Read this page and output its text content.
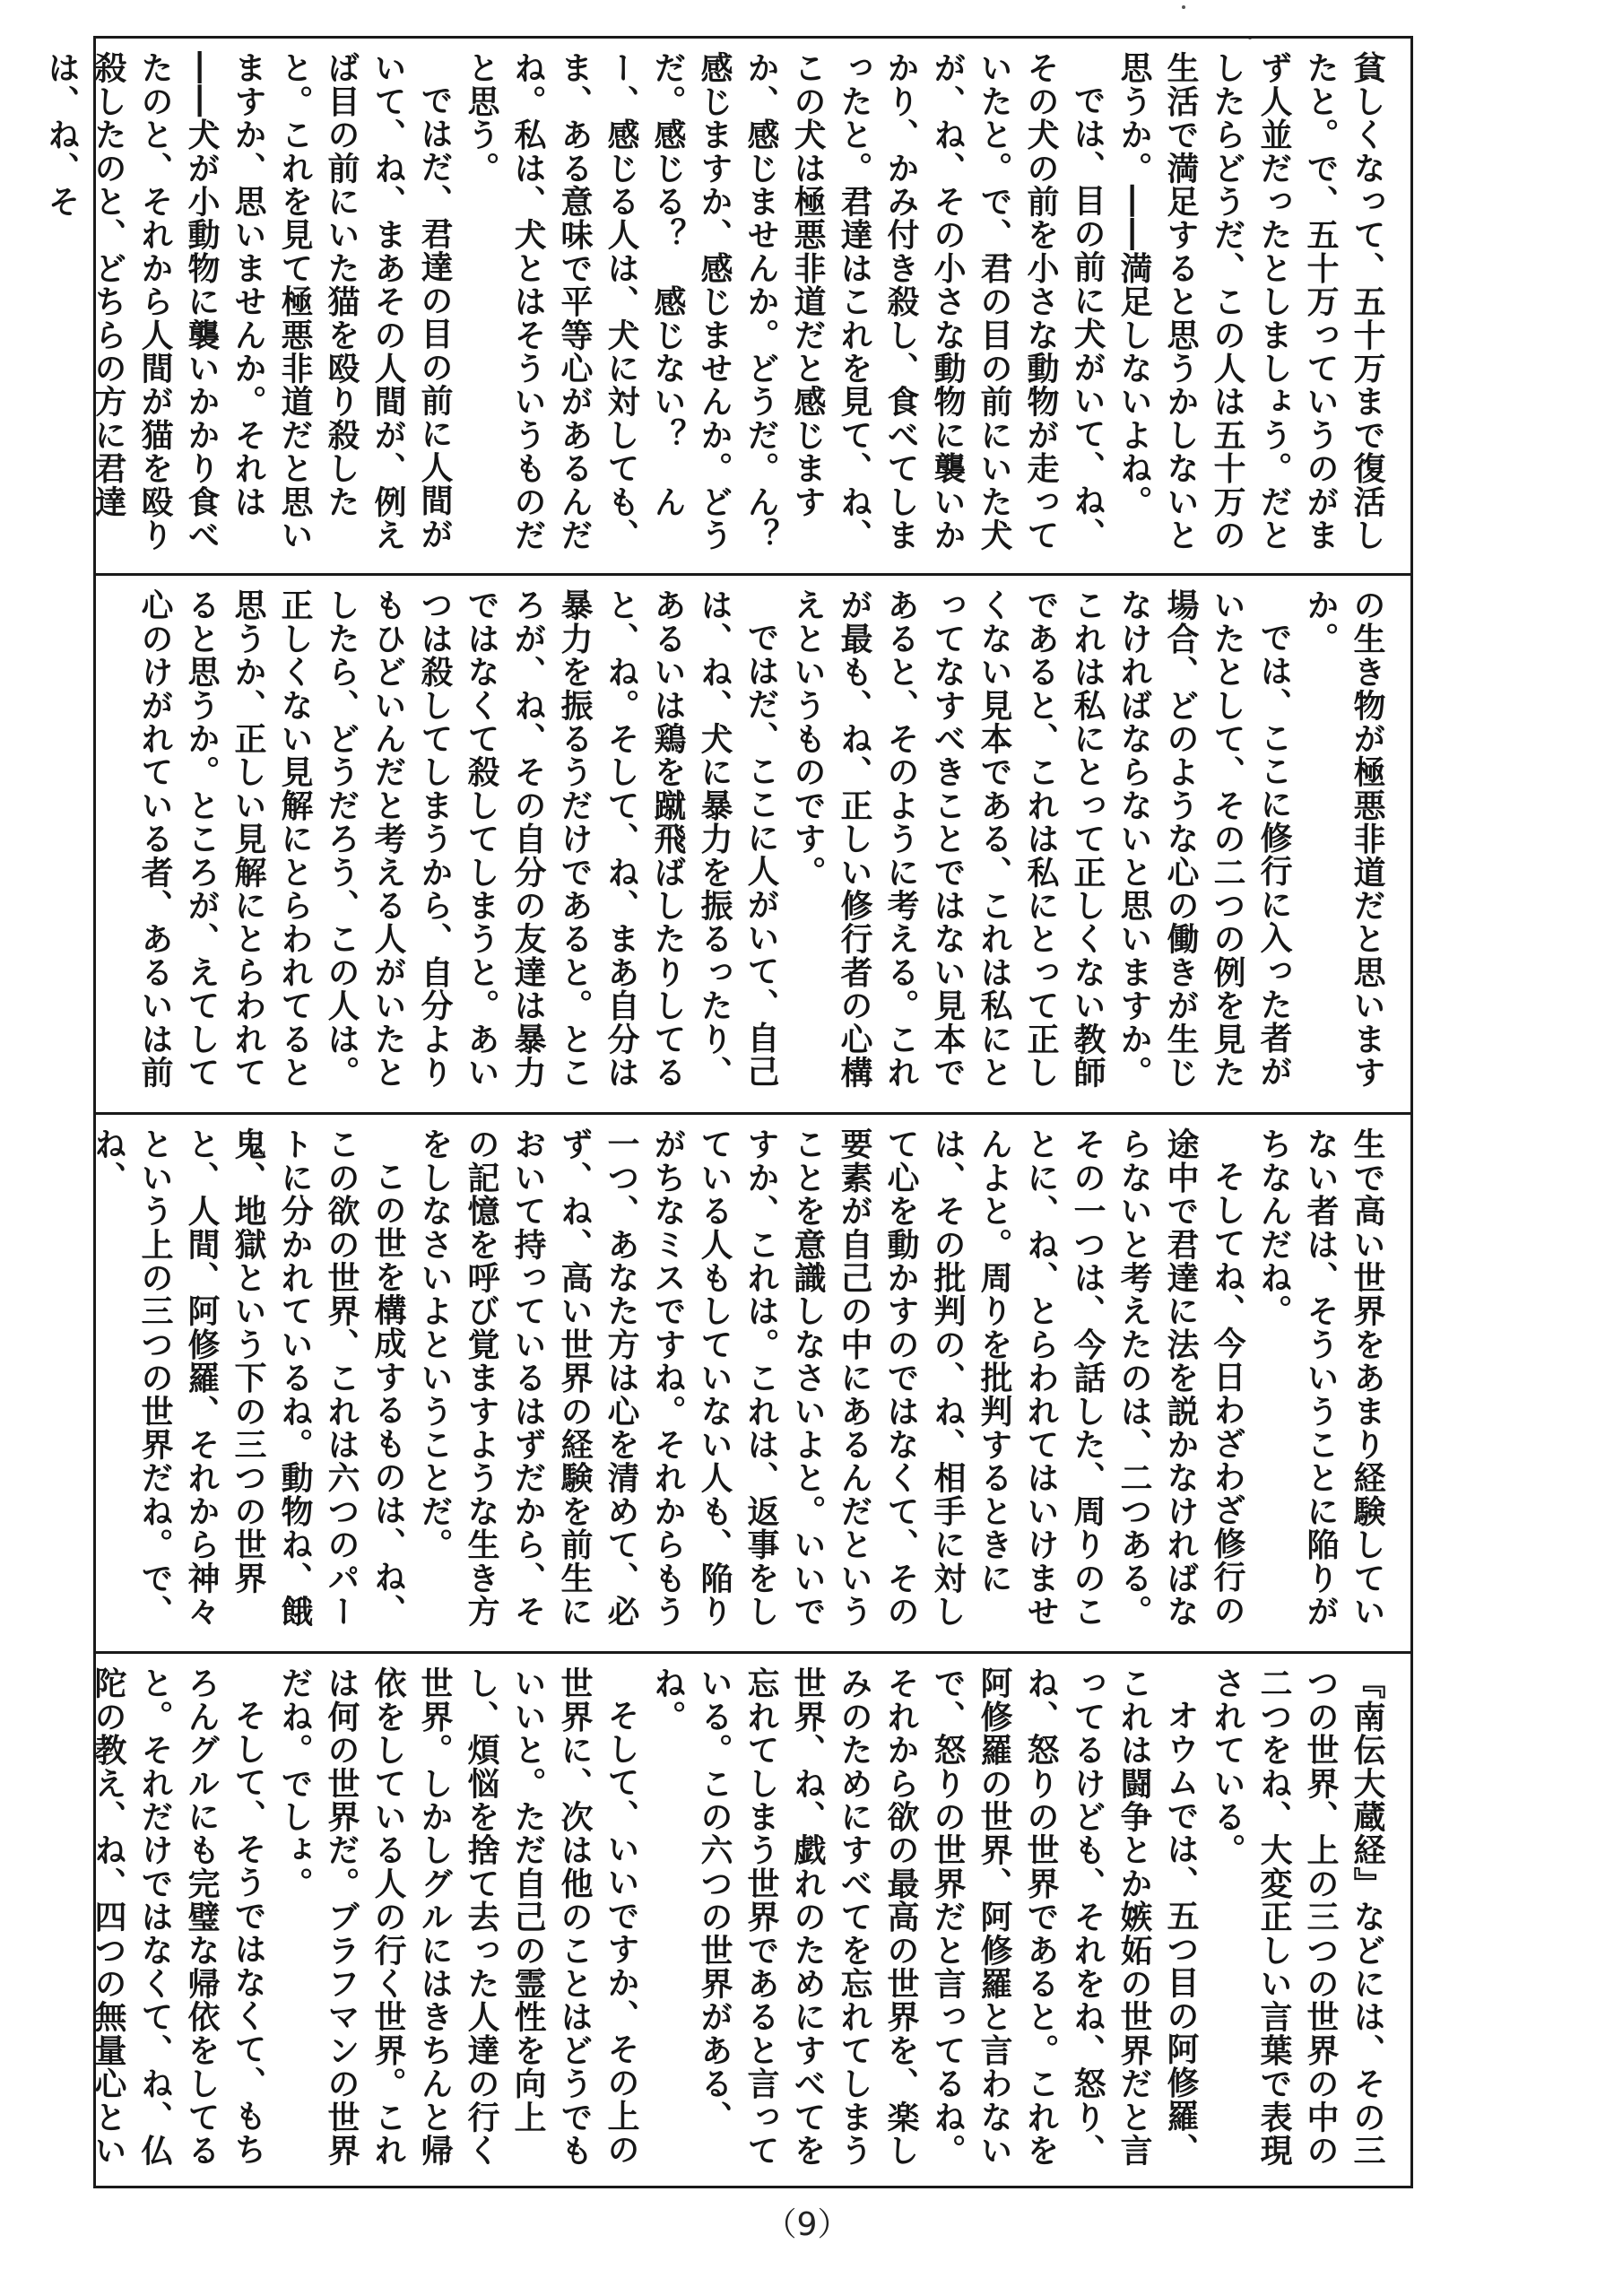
貧しくなって、五十万まで復活したと。で、五十万っていうのがまず人並だったとしましょう。だとしたらどうだ、この人は五十万の生活で満足すると思うかしないと思うか。――満足しないよね。

では、目の前に犬がいて、ね、その犬の前を小さな動物が走っていたと。で、君の目の前にいた犬が、ね、その小さな動物に襲いかかり、かみ付き殺し、食べてしまったと。君達はこれを見て、ね、この犬は極悪非道だと感じますか、感じませんか。どうだ。ん？　感じますか、感じませんか。どうだ。感じる？　感じない？　んー、感じる人は、犬に対しても、ま、ある意味で平等心があるんだね。私は、犬とはそういうものだと思う。

ではだ、君達の目の前に人間がいて、ね、まあその人間が、例えば目の前にいた猫を殴り殺したと。これを見て極悪非道だと思いますか、思いませんか。それは――犬が小動物に襲いかかり食べたのと、それから人間が猫を殴り殺したのと、どちらの方に君達は、ね、そ

の生き物が極悪非道だと思いますか。

では、ここに修行に入った者がいたとして、その二つの例を見た場合、どのような心の働きが生じなければならないと思いますか。これは私にとって正しくない教師であると、これは私にとって正しくない見本である、これは私にとってなすべきことではない見本であると、そのように考える。これが最も、ね、正しい修行者の心構えというものです。

ではだ、ここに人がいて、自己は、ね、犬に暴力を振るったり、あるいは鶏を蹴飛ばしたりしてると、ね。そして、ね、まあ自分は暴力を振るうだけであると。ところが、ね、その自分の友達は暴力ではなくて殺してしまうと。あいつは殺してしまうから、自分よりもひどいんだと考える人がいたとしたら、どうだろう、この人は。正しくない見解にとらわれてると思うか、正しい見解にとらわれてると思うか。ところが、えてして心のけがれている者、あるいは前

生で高い世界をあまり経験していない者は、そういうことに陥りがちなんだね。

そしてね、今日わざわざ修行の途中で君達に法を説かなければならないと考えたのは、二つある。その一つは、今話した、周りのことに、ね、とらわれてはいけませんよと。周りを批判するときには、その批判の、ね、相手に対して心を動かすのではなくて、その要素が自己の中にあるんだということを意識しなさいよと。いいですか、これは。これは、返事をしている人もしていない人も、陥りがちなミスですね。それからもう一つ、あなた方は心を清めて、必ず、ね、高い世界の経験を前生において持っているはずだから、その記憶を呼び覚ますような生き方をしなさいよということだ。

この世を構成するものは、ね、この欲の世界、これは六つのパートに分かれているね。動物ね、餓鬼、地獄という下の三つの世界と、人間、阿修羅、それから神々という上の三つの世界だね。で、ね、

『南伝大蔵経』などには、その三つの世界、上の三つの世界の中の二つをね、大変正しい言葉で表現されている。

オウムでは、五つ目の阿修羅、これは闘争とか嫉妬の世界だと言ってるけども、それをね、怒り、ね、怒りの世界であると。これを阿修羅の世界、阿修羅と言わないで、怒りの世界だと言ってるね。それから欲の最高の世界を、楽しみのためにすべてを忘れてしまう世界、ね、戯れのためにすべてを忘れてしまう世界であると言っている。この六つの世界がある、ね。

そして、いいですか、その上の世界に、次は他のことはどうでもいいと。ただ自己の霊性を向上し、煩悩を捨て去った人達の行く世界。しかしグルにはきちんと帰依をしている人の行く世界。これは何の世界だ。ブラフマンの世界だね。でしょ。

そして、そうではなくて、もちろんグルにも完璧な帰依をしてると。それだけではなくて、ね、仏陀の教え、ね、四つの無量心とい

（9）
